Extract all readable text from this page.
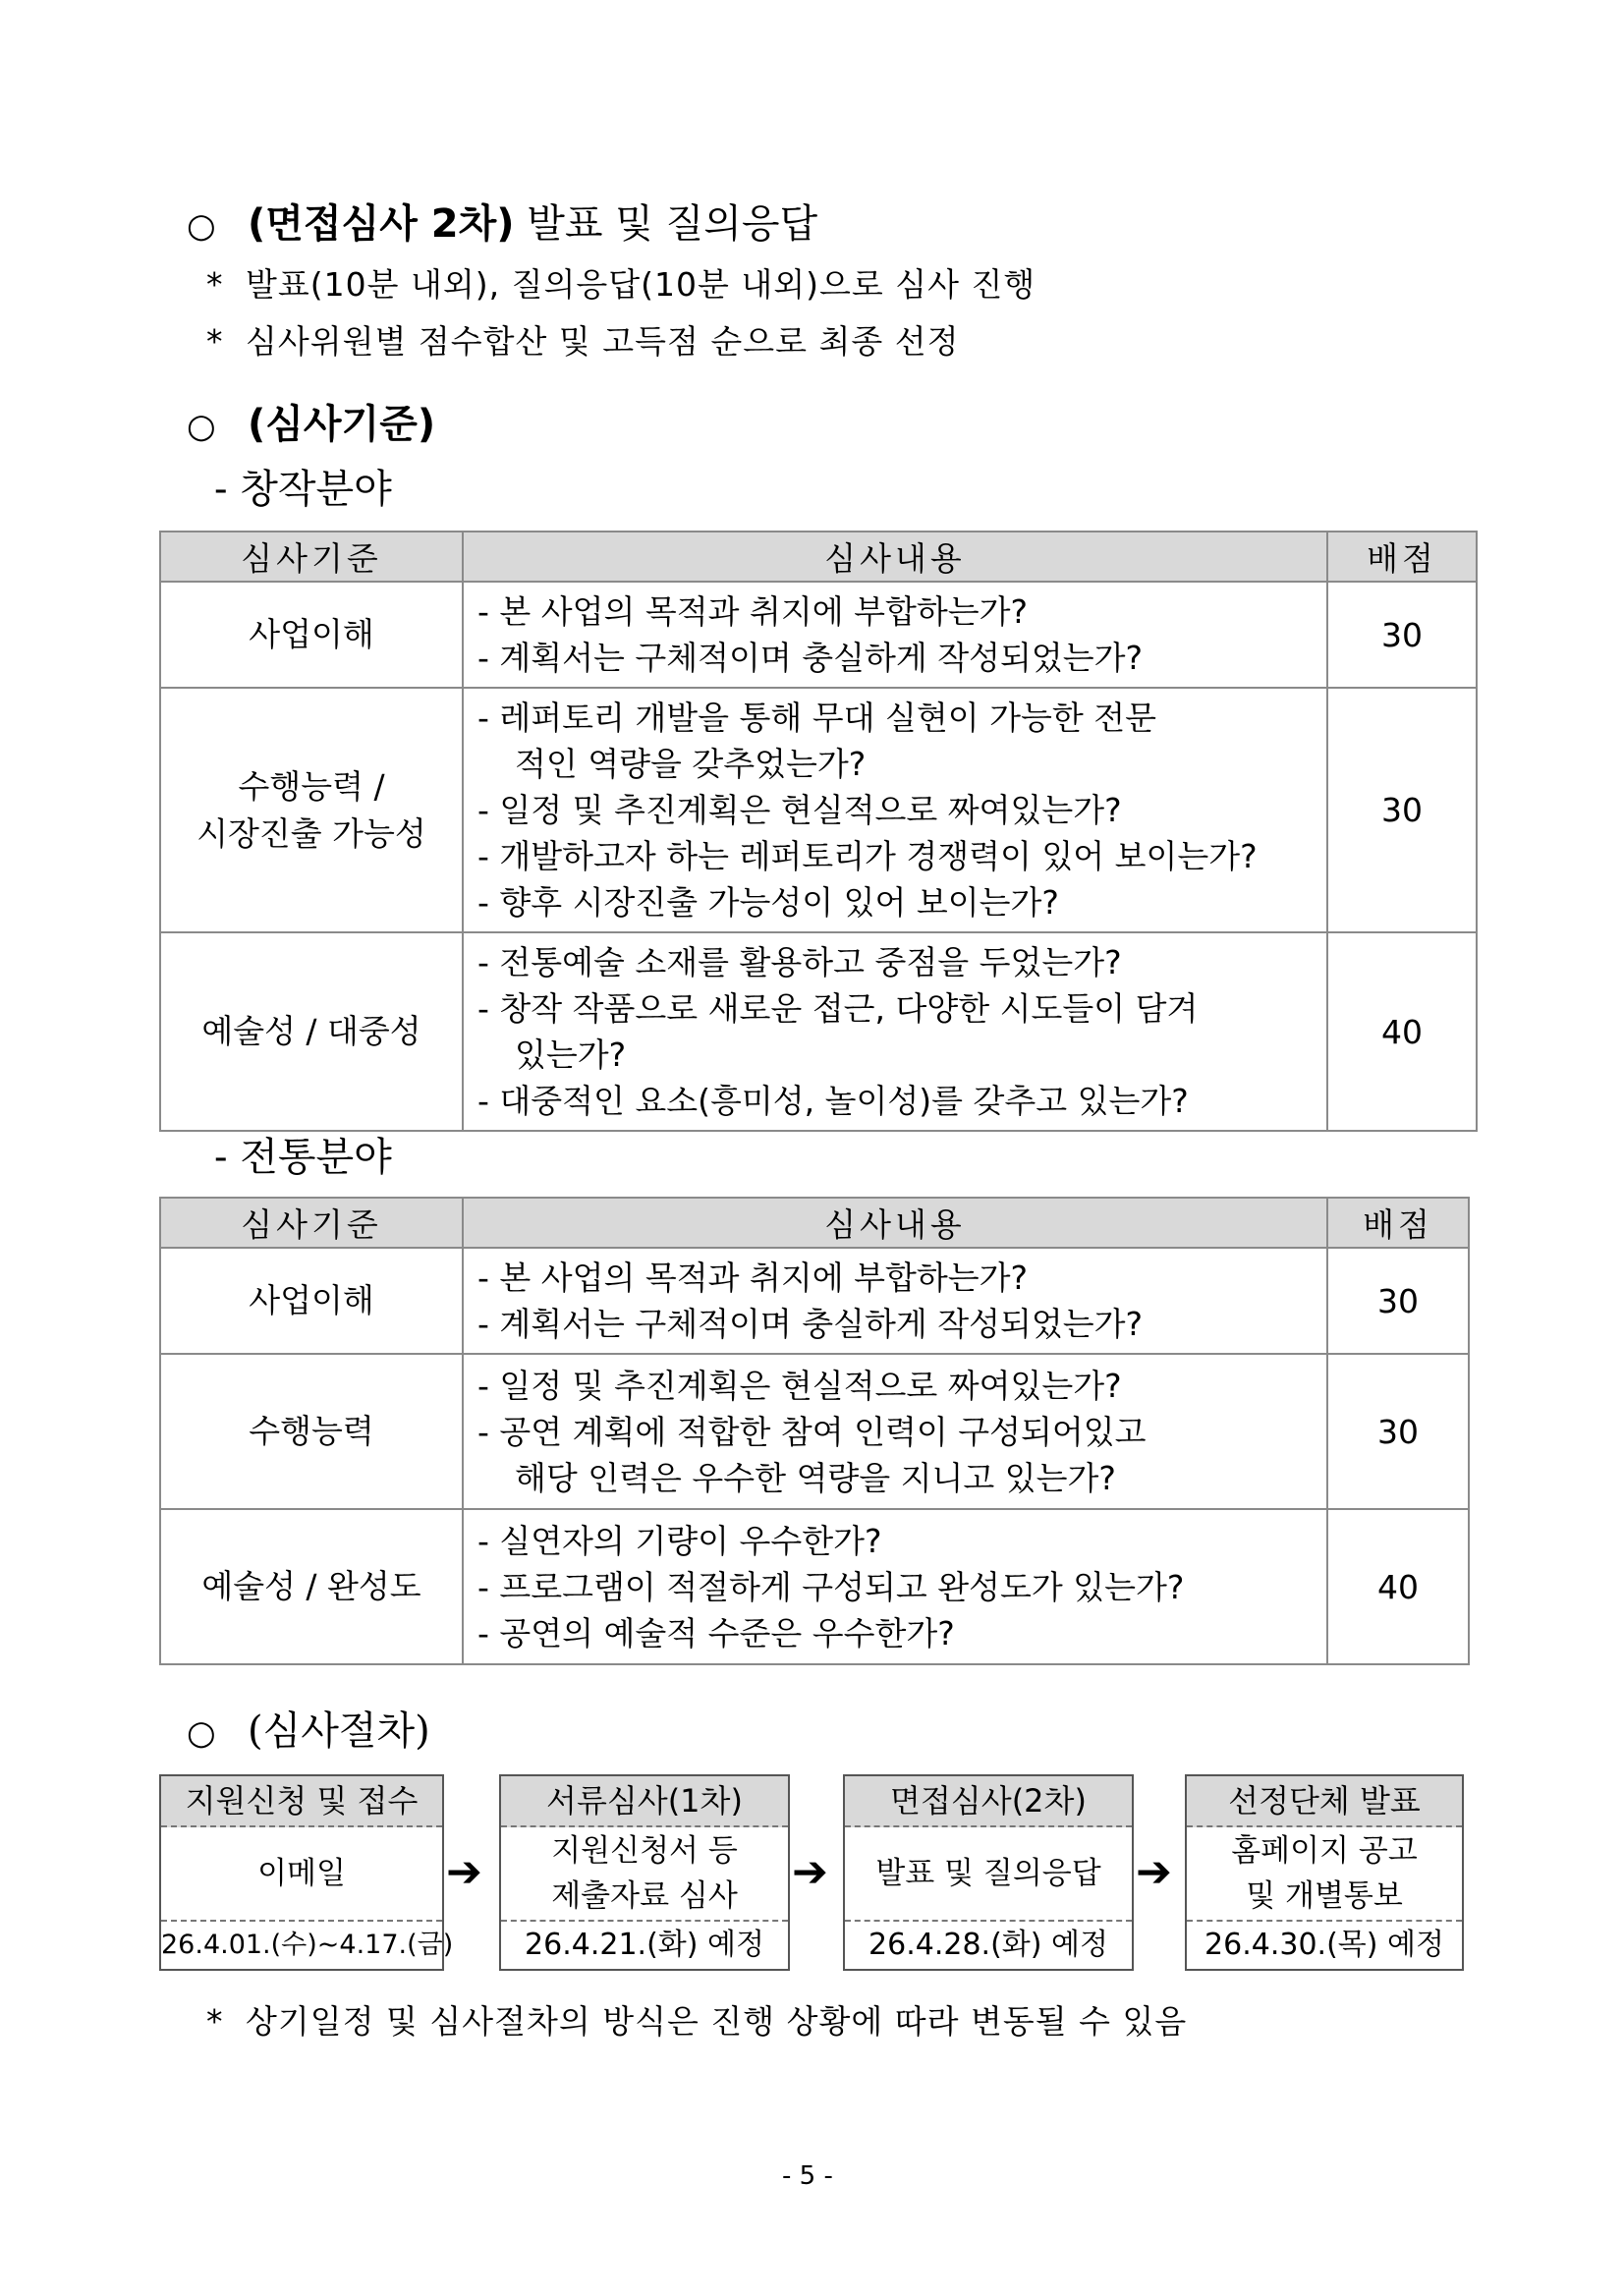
○ (면접심사 2차) 발표 및 질의응답
* 발표(10분 내외), 질의응답(10분 내외)으로 심사 진행
* 심사위원별 점수합산 및 고득점 순으로 최종 선정
○ (심사기준)
- 창작분야
심사기준	심사내용	배점

사업이해	- 본 사업의 목적과 취지에 부합하는가?
- 계획서는 구체적이며 충실하게 작성되었는가?	30

수행능력 /
시장진출 가능성	- 레퍼토리 개발을 통해 무대 실현이 가능한 전문
적인 역량을 갖추었는가?
- 일정 및 추진계획은 현실적으로 짜여있는가?
- 개발하고자 하는 레퍼토리가 경쟁력이 있어 보이는가?
- 향후 시장진출 가능성이 있어 보이는가?	30

예술성 / 대중성	- 전통예술 소재를 활용하고 중점을 두었는가?
- 창작 작품으로 새로운 접근, 다양한 시도들이 담겨
있는가?
- 대중적인 요소(흥미성, 놀이성)를 갖추고 있는가?	40
- 전통분야
심사기준	심사내용	배점

사업이해	- 본 사업의 목적과 취지에 부합하는가?
- 계획서는 구체적이며 충실하게 작성되었는가?	30

수행능력	- 일정 및 추진계획은 현실적으로 짜여있는가?
- 공연 계획에 적합한 참여 인력이 구성되어있고
해당 인력은 우수한 역량을 지니고 있는가?	30

예술성 / 완성도	- 실연자의 기량이 우수한가?
- 프로그램이 적절하게 구성되고 완성도가 있는가?
- 공연의 예술적 수준은 우수한가?	40
○ (심사절차)
지원신청 및 접수
이메일
26.4.01.(수)~4.17.(금)
➔
서류심사(1차)
지원신청서 등
제출자료 심사
26.4.21.(화) 예정
➔
면접심사(2차)
발표 및 질의응답
26.4.28.(화) 예정
➔
선정단체 발표
홈페이지 공고
및 개별통보
26.4.30.(목) 예정
* 상기일정 및 심사절차의 방식은 진행 상황에 따라 변동될 수 있음
- 5 -
